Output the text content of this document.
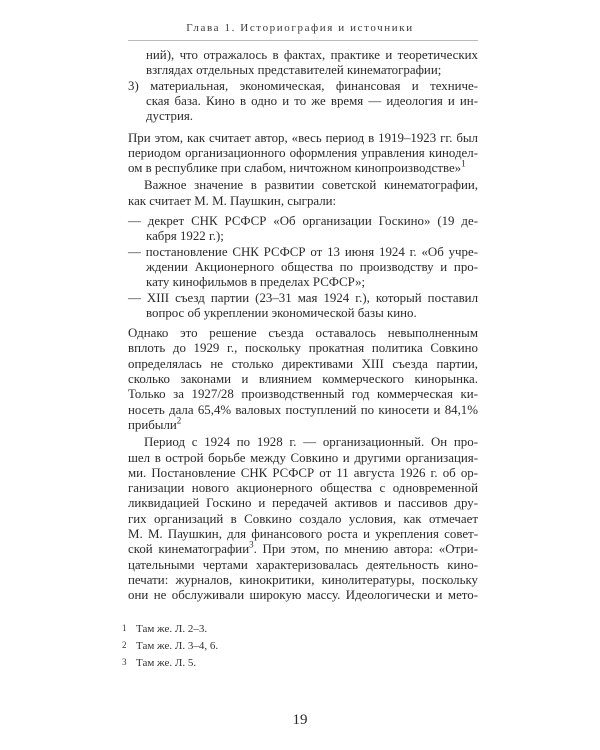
Глава 1. Историография и источники
ний), что отражалось в фактах, практике и теоретических
взглядах отдельных представителей кинематографии;
3) материальная, экономическая, финансовая и техниче-
ская база. Кино в одно и то же время — идеология и ин-
дустрия.
При этом, как считает автор, «весь период в 1919–1923 гг. был
периодом организационного оформления управления кинодел-
ом в республике при слабом, ничтожном кинопроизводстве»$^1$
Важное значение в развитии советской кинематографии,
как считает М. М. Паушкин, сыграли:
— декрет СНК РСФСР «Об организации Госкино» (19 де-
кабря 1922 г.);
— постановление СНК РСФСР от 13 июня 1924 г. «Об учре-
ждении Акционерного общества по производству и про-
кату кинофильмов в пределах РСФСР»;
— XIII съезд партии (23–31 мая 1924 г.), который поставил
вопрос об укреплении экономической базы кино.
Однако это решение съезда оставалось невыполненным
вплоть до 1929 г., поскольку прокатная политика Совкино
определялась не столько директивами XIII съезда партии,
сколько законами и влиянием коммерческого кинорынка.
Только за 1927/28 производственный год коммерческая ки-
носеть дала 65,4% валовых поступлений по киносети и 84,1%
прибыли$^2$
Период с 1924 по 1928 г. — организационный. Он про-
шел в острой борьбе между Совкино и другими организация-
ми. Постановление СНК РСФСР от 11 августа 1926 г. об ор-
ганизации нового акционерного общества с одновременной
ликвидацией Госкино и передачей активов и пассивов дру-
1 Там же. Л. 2–3.
2 Там же. Л. 3–4, 6.
3 Там же. Л. 5.
19
гих организаций в Совкино создало условия, как отмечает
М. М. Паушкин, для финансового роста и укрепления совет-
ской кинематографии$^3$. При этом, по мнению автора: «Отри-
цательными чертами характеризовалась деятельность кино-
печати: журналов, кинокритики, кинолитературы, поскольку
они не обслуживали широкую массу. Идеологически и мето-
